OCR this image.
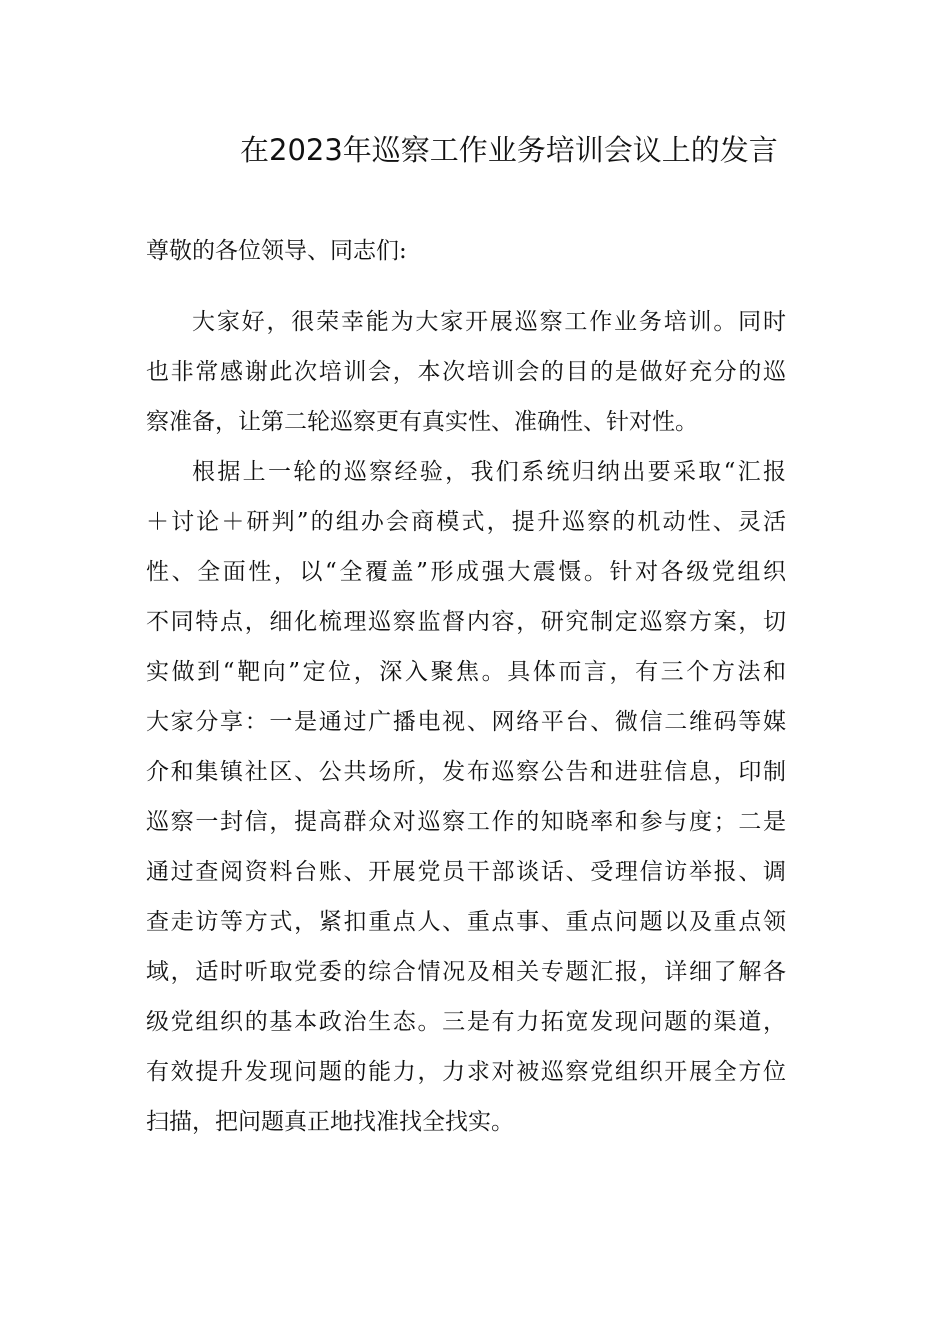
在2023年巡察工作业务培训会议上的发言
尊敬的各位领导、同志们:
大家好，很荣幸能为大家开展巡察工作业务培训。同时
也非常感谢此次培训会，本次培训会的目的是做好充分的巡
察准备，让第二轮巡察更有真实性、准确性、针对性。
根据上一轮的巡察经验，我们系统归纳出要采取“汇报
＋讨论＋研判”的组办会商模式，提升巡察的机动性、灵活
性、全面性，以“全覆盖”形成强大震慑。针对各级党组织
不同特点，细化梳理巡察监督内容，研究制定巡察方案，切
实做到“靶向”定位，深入聚焦。具体而言，有三个方法和
大家分享：一是通过广播电视、网络平台、微信二维码等媒
介和集镇社区、公共场所，发布巡察公告和进驻信息，印制
巡察一封信，提高群众对巡察工作的知晓率和参与度；二是
通过查阅资料台账、开展党员干部谈话、受理信访举报、调
查走访等方式，紧扣重点人、重点事、重点问题以及重点领
域，适时听取党委的综合情况及相关专题汇报，详细了解各
级党组织的基本政治生态。三是有力拓宽发现问题的渠道，
有效提升发现问题的能力，力求对被巡察党组织开展全方位
扫描，把问题真正地找准找全找实。
